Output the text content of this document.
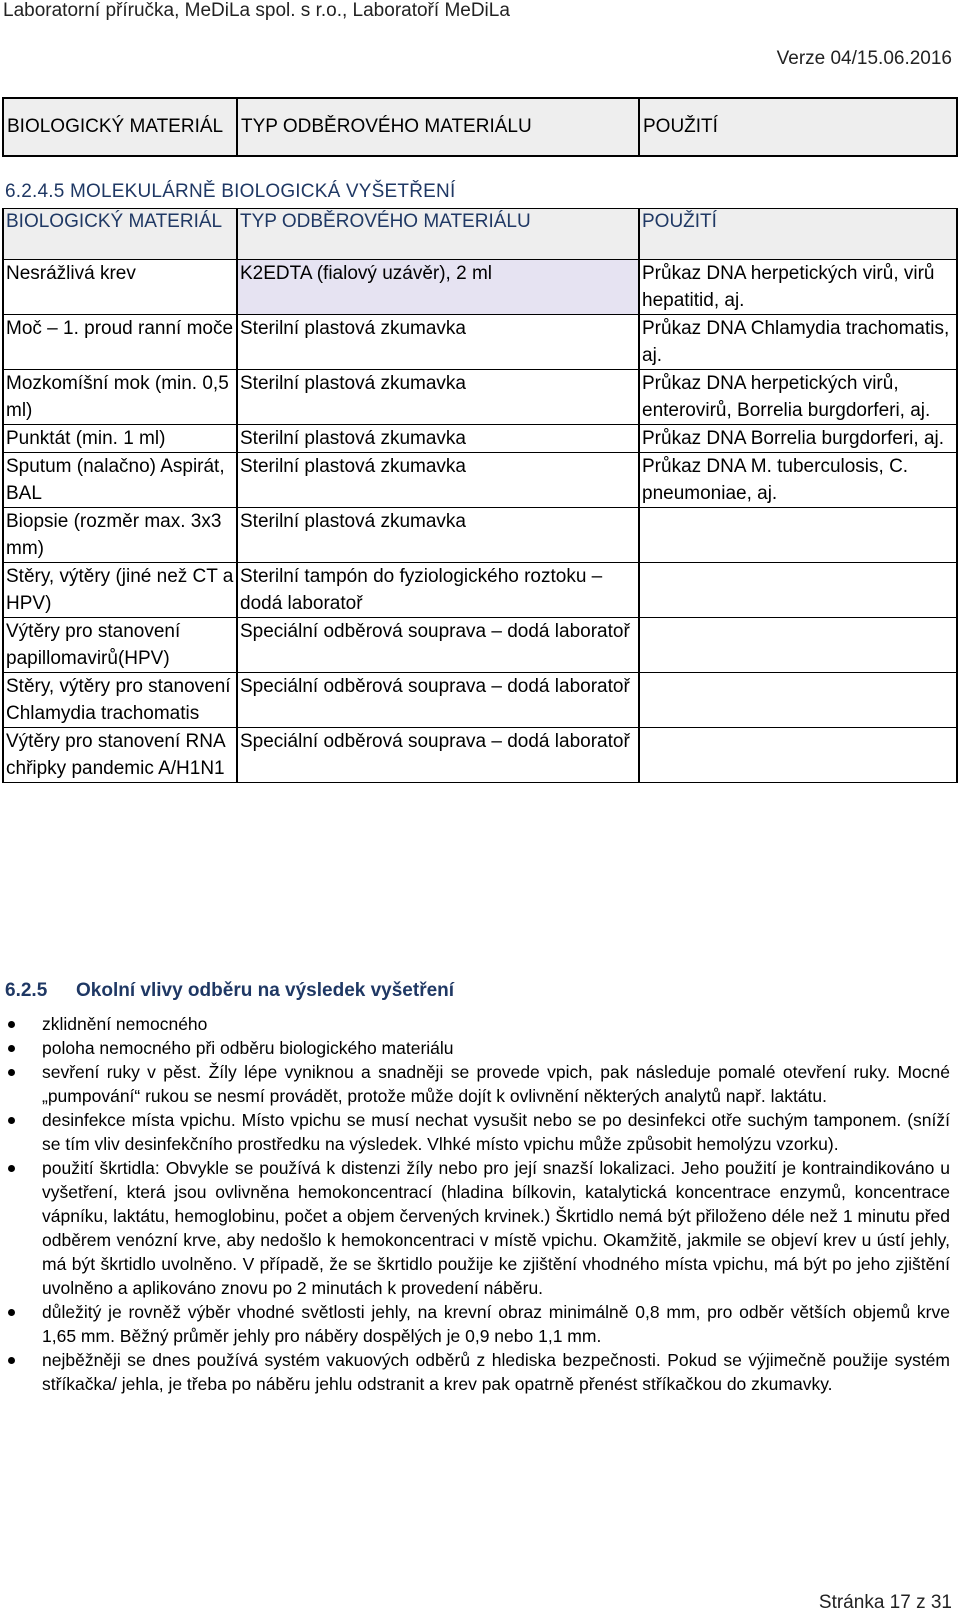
Laboratorní příručka, MeDiLa spol. s r.o., Laboratoří MeDiLa
Verze 04/15.06.2016
BIOLOGICKÝ MATERIÁL	TYP ODBĚROVÉHO MATERIÁLU	POUŽITÍ
6.2.4.5 MOLEKULÁRNĚ BIOLOGICKÁ VYŠETŘENÍ
BIOLOGICKÝ MATERIÁL	TYP ODBĚROVÉHO MATERIÁLU	POUŽITÍ
Nesrážlivá krev	K2EDTA (fialový uzávěr), 2 ml	Průkaz DNA herpetických virů, virů hepatitid, aj.
Moč – 1. proud ranní moče	Sterilní plastová zkumavka	Průkaz DNA Chlamydia trachomatis, aj.
Mozkomíšní mok (min. 0,5 ml)	Sterilní plastová zkumavka	Průkaz DNA herpetických virů, enterovirů, Borrelia burgdorferi, aj.
Punktát (min. 1 ml)	Sterilní plastová zkumavka	Průkaz DNA Borrelia burgdorferi, aj.
Sputum (nalačno) Aspirát, BAL	Sterilní plastová zkumavka	Průkaz DNA M. tuberculosis, C. pneumoniae, aj.
Biopsie (rozměr max. 3x3 mm)	Sterilní plastová zkumavka	
Stěry, výtěry (jiné než CT a HPV)	Sterilní tampón do fyziologického roztoku – dodá laboratoř	
Výtěry pro stanovení papillomavirů(HPV)	Speciální odběrová souprava – dodá laboratoř	
Stěry, výtěry pro stanovení Chlamydia trachomatis	Speciální odběrová souprava – dodá laboratoř	
Výtěry pro stanovení RNA chřipky pandemic A/H1N1	Speciální odběrová souprava – dodá laboratoř	
6.2.5 Okolní vlivy odběru na výsledek vyšetření
zklidnění nemocného
poloha nemocného při odběru biologického materiálu
sevření ruky v pěst. Žíly lépe vyniknou a snadněji se provede vpich, pak následuje pomalé otevření ruky. Mocné „pumpování“ rukou se nesmí provádět, protože může dojít k ovlivnění některých analytů např. laktátu.
desinfekce místa vpichu. Místo vpichu se musí nechat vysušit nebo se po desinfekci otře suchým tamponem. (sníží se tím vliv desinfekčního prostředku na výsledek. Vlhké místo vpichu může způsobit hemolýzu vzorku).
použití škrtidla: Obvykle se používá k distenzi žíly nebo pro její snazší lokalizaci. Jeho použití je kontraindikováno u vyšetření, která jsou ovlivněna hemokoncentrací (hladina bílkovin, katalytická koncentrace enzymů, koncentrace vápníku, laktátu, hemoglobinu, počet a objem červených krvinek.) Škrtidlo nemá být přiloženo déle než 1 minutu před odběrem venózní krve, aby nedošlo k hemokoncentraci v místě vpichu. Okamžitě, jakmile se objeví krev u ústí jehly, má být škrtidlo uvolněno. V případě, že se škrtidlo použije ke zjištění vhodného místa vpichu, má být po jeho zjištění uvolněno a aplikováno znovu po 2 minutách k provedení náběru.
důležitý je rovněž výběr vhodné světlosti jehly, na krevní obraz minimálně 0,8 mm, pro odběr větších objemů krve 1,65 mm. Běžný průměr jehly pro náběry dospělých je 0,9 nebo 1,1 mm.
nejběžněji se dnes používá systém vakuových odběrů z hlediska bezpečnosti. Pokud se výjimečně použije systém stříkačka/ jehla, je třeba po náběru jehlu odstranit a krev pak opatrně přenést stříkačkou do zkumavky.
Stránka 17 z 31
